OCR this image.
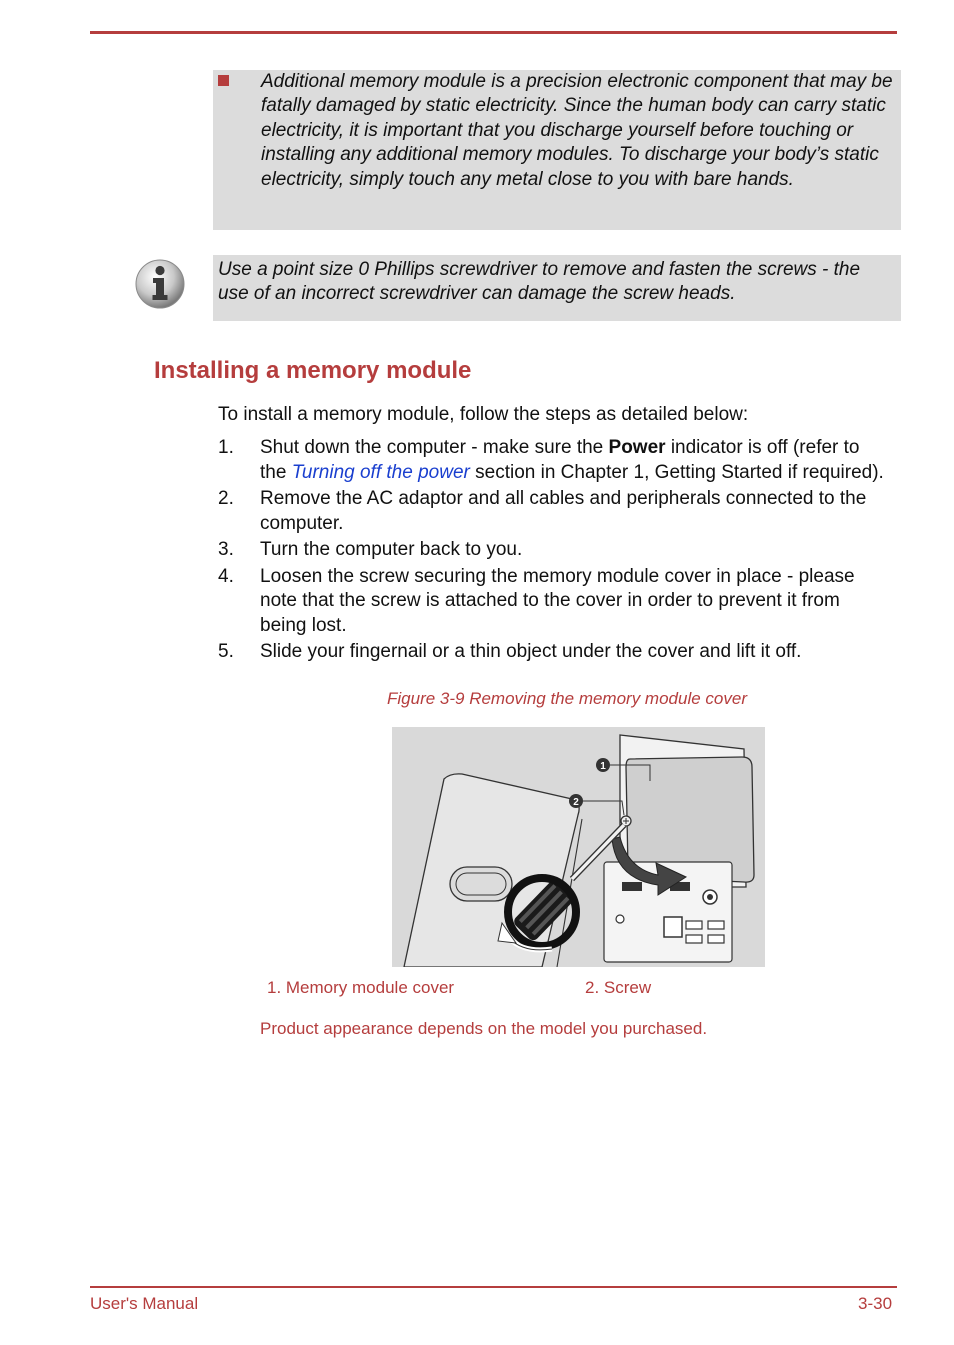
Additional memory module is a precision electronic component that may be fatally damaged by static electricity. Since the human body can carry static electricity, it is important that you discharge yourself before touching or installing any additional memory modules. To discharge your body’s static electricity, simply touch any metal close to you with bare hands.
Use a point size 0 Phillips screwdriver to remove and fasten the screws - the use of an incorrect screwdriver can damage the screw heads.
Installing a memory module
To install a memory module, follow the steps as detailed below:
1.	Shut down the computer - make sure the Power indicator is off (refer to the Turning off the power section in Chapter 1, Getting Started if required).
2.	Remove the AC adaptor and all cables and peripherals connected to the computer.
3.	Turn the computer back to you.
4.	Loosen the screw securing the memory module cover in place - please note that the screw is attached to the cover in order to prevent it from being lost.
5.	Slide your fingernail or a thin object under the cover and lift it off.
Figure 3-9 Removing the memory module cover
1
2
1. Memory module cover	2. Screw
Product appearance depends on the model you purchased.
User's Manual	3-30
